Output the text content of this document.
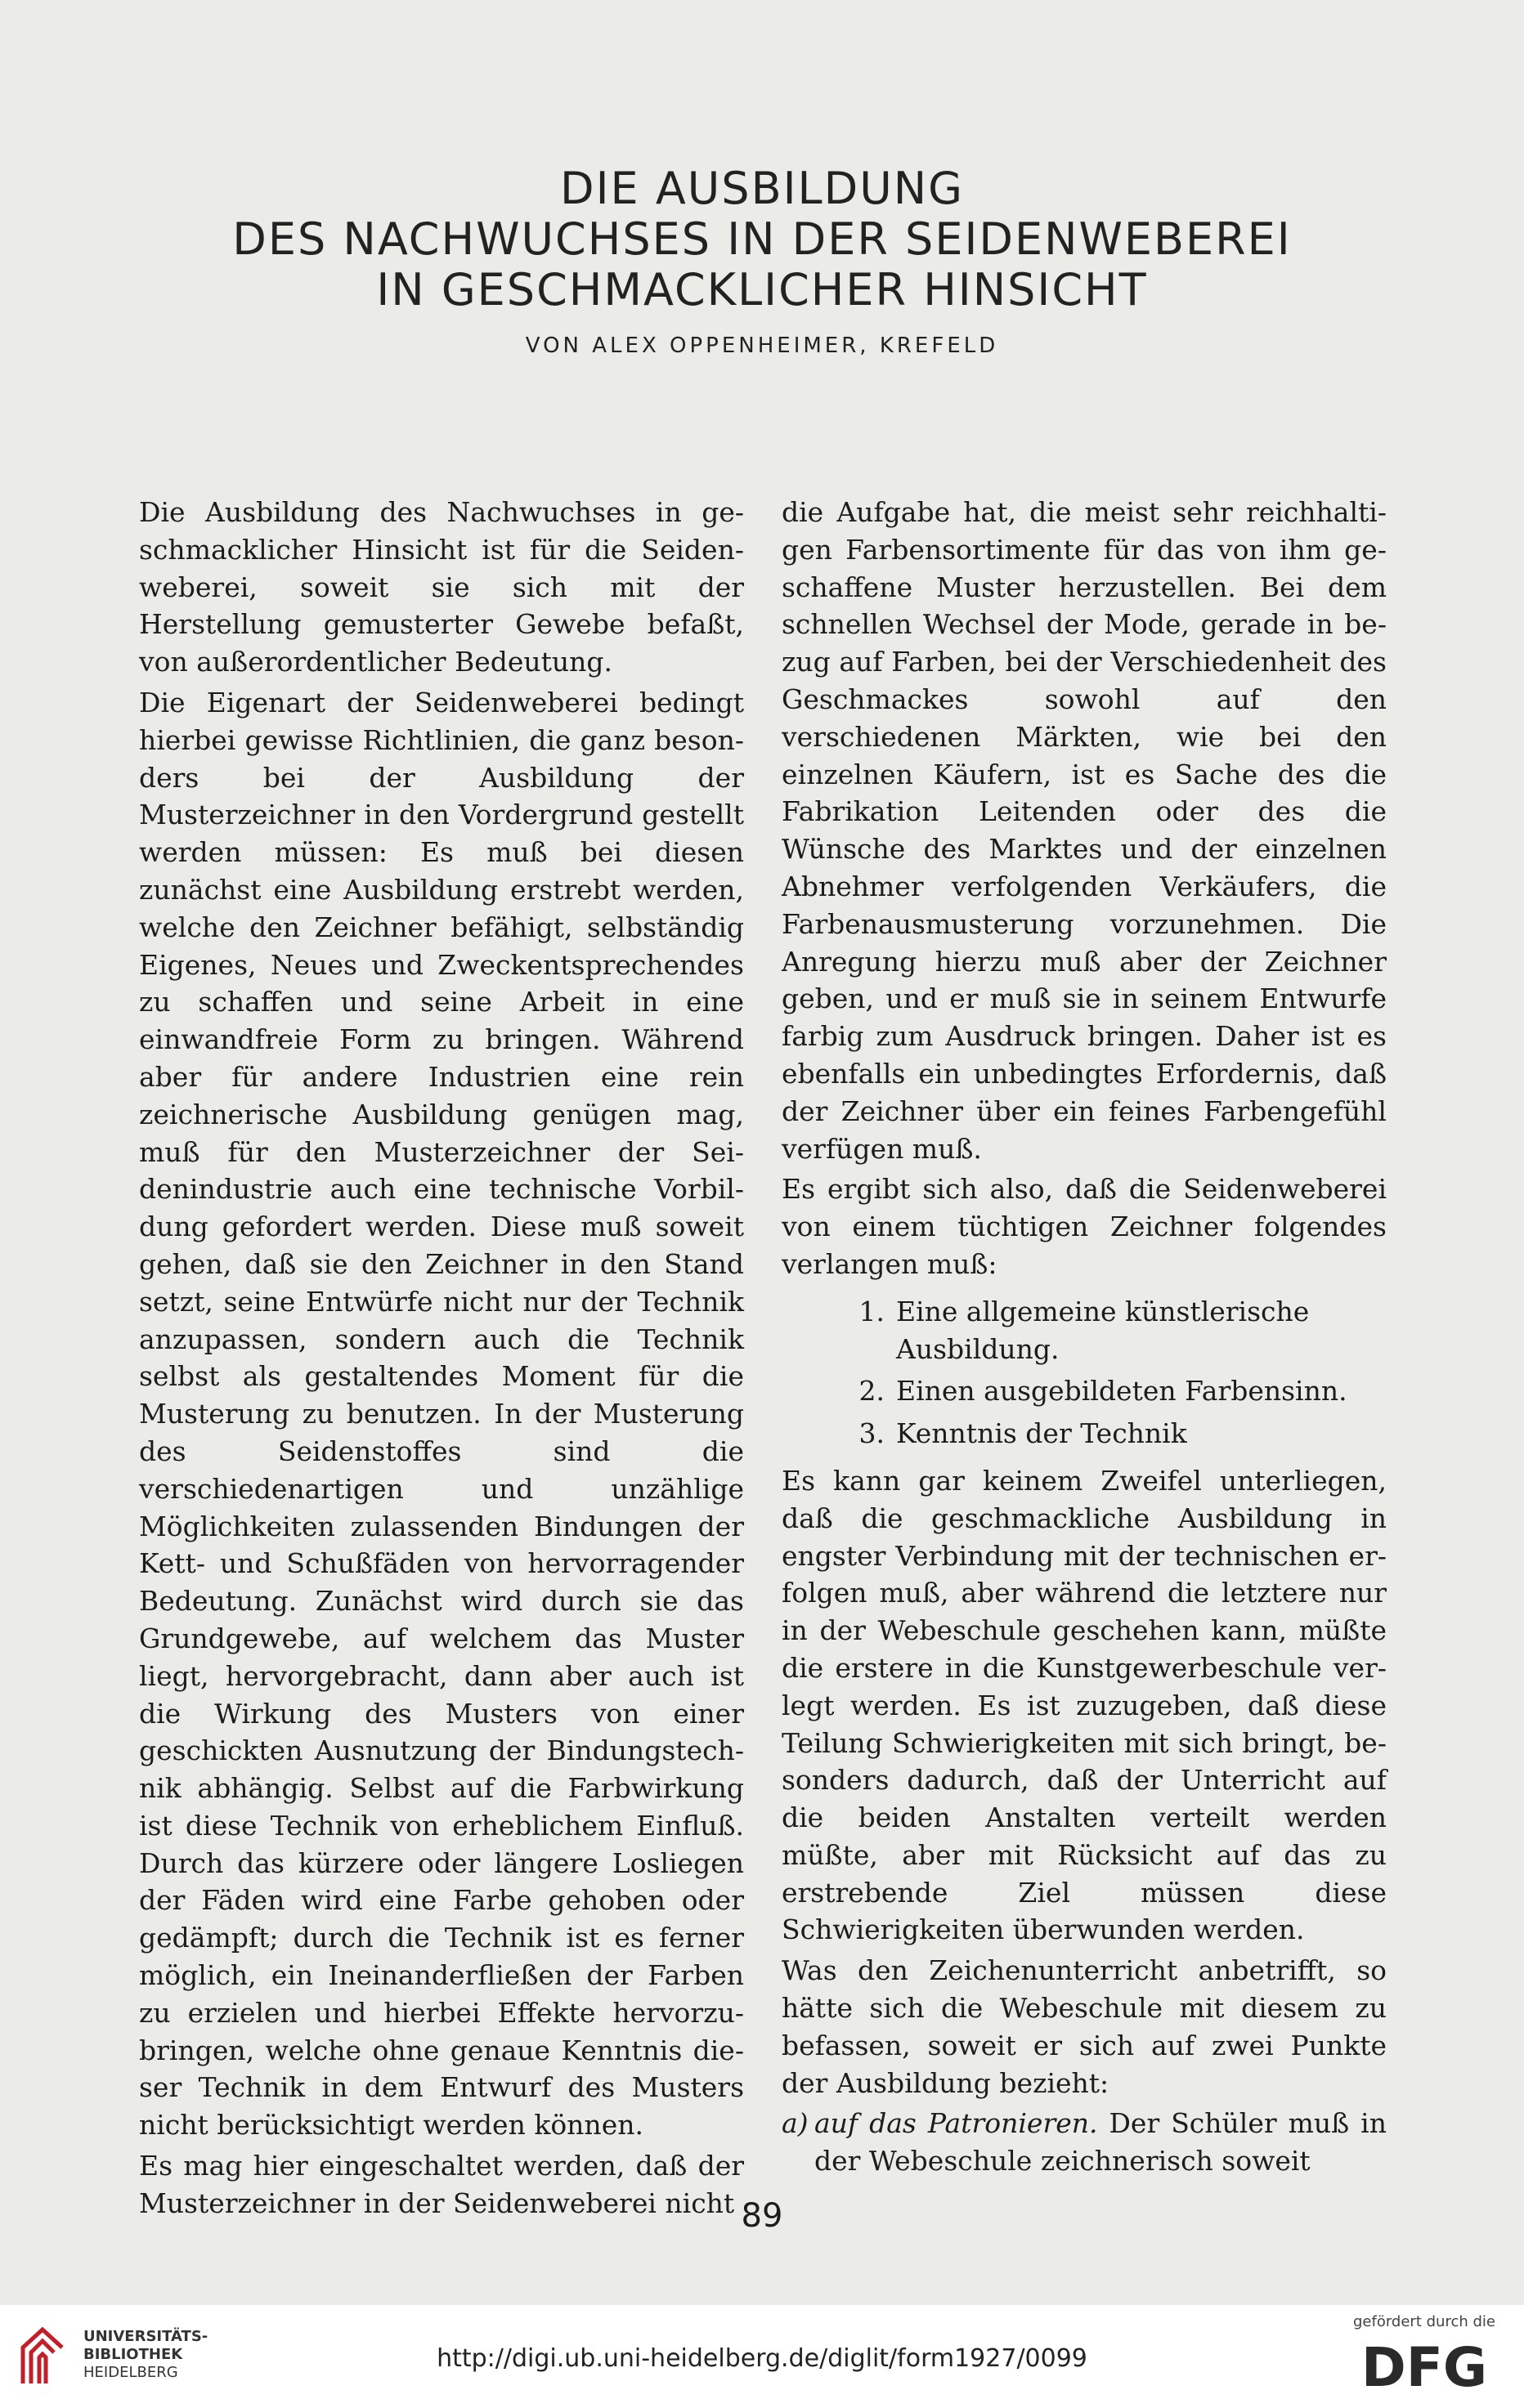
DIE AUSBILDUNG
DES NACHWUCHSES IN DER SEIDENWEBEREI
IN GESCHMACKLICHER HINSICHT
VON ALEX OPPENHEIMER, KREFELD

Die Ausbildung des Nachwuchses in geschmacklicher Hinsicht ist für die Seidenweberei, soweit sie sich mit der Herstellung gemusterter Gewebe befaßt, von außerordentlicher Bedeutung.

Die Eigenart der Seidenweberei bedingt hierbei gewisse Richtlinien, die ganz besonders bei der Ausbildung der Musterzeichner in den Vordergrund gestellt werden müssen: Es muß bei diesen zunächst eine Ausbildung erstrebt werden, welche den Zeichner befähigt, selbständig Eigenes, Neues und Zweckentsprechendes zu schaffen und seine Arbeit in eine einwandfreie Form zu bringen. Während aber für andere Industrien eine rein zeichnerische Ausbildung genügen mag, muß für den Musterzeichner der Seidenindustrie auch eine technische Vorbildung gefordert werden. Diese muß soweit gehen, daß sie den Zeichner in den Stand setzt, seine Entwürfe nicht nur der Technik anzupassen, sondern auch die Technik selbst als gestaltendes Moment für die Musterung zu benutzen. In der Musterung des Seidenstoffes sind die verschiedenartigen und unzählige Möglichkeiten zulassenden Bindungen der Kett- und Schußfäden von hervorragender Bedeutung. Zunächst wird durch sie das Grundgewebe, auf welchem das Muster liegt, hervorgebracht, dann aber auch ist die Wirkung des Musters von einer geschickten Ausnutzung der Bindungstechnik abhängig. Selbst auf die Farbwirkung ist diese Technik von erheblichem Einfluß. Durch das kürzere oder längere Losliegen der Fäden wird eine Farbe gehoben oder gedämpft; durch die Technik ist es ferner möglich, ein Ineinanderfließen der Farben zu erzielen und hierbei Effekte hervorzubringen, welche ohne genaue Kenntnis dieser Technik in dem Entwurf des Musters nicht berücksichtigt werden können.

Es mag hier eingeschaltet werden, daß der Musterzeichner in der Seidenweberei nicht

die Aufgabe hat, die meist sehr reichhaltigen Farbensortimente für das von ihm geschaffene Muster herzustellen. Bei dem schnellen Wechsel der Mode, gerade in bezug auf Farben, bei der Verschiedenheit des Geschmackes sowohl auf den verschiedenen Märkten, wie bei den einzelnen Käufern, ist es Sache des die Fabrikation Leitenden oder des die Wünsche des Marktes und der einzelnen Abnehmer verfolgenden Verkäufers, die Farbenausmusterung vorzunehmen. Die Anregung hierzu muß aber der Zeichner geben, und er muß sie in seinem Entwurfe farbig zum Ausdruck bringen. Daher ist es ebenfalls ein unbedingtes Erfordernis, daß der Zeichner über ein feines Farbengefühl verfügen muß.

Es ergibt sich also, daß die Seidenweberei von einem tüchtigen Zeichner folgendes verlangen muß:

1. Eine allgemeine künstlerische Ausbildung.
2. Einen ausgebildeten Farbensinn.
3. Kenntnis der Technik

Es kann gar keinem Zweifel unterliegen, daß die geschmackliche Ausbildung in engster Verbindung mit der technischen erfolgen muß, aber während die letztere nur in der Webeschule geschehen kann, müßte die erstere in die Kunstgewerbeschule verlegt werden. Es ist zuzugeben, daß diese Teilung Schwierigkeiten mit sich bringt, besonders dadurch, daß der Unterricht auf die beiden Anstalten verteilt werden müßte, aber mit Rücksicht auf das zu erstrebende Ziel müssen diese Schwierigkeiten überwunden werden.

Was den Zeichenunterricht anbetrifft, so hätte sich die Webeschule mit diesem zu befassen, soweit er sich auf zwei Punkte der Ausbildung bezieht:

a) auf das Patronieren. Der Schüler muß in der Webeschule zeichnerisch soweit
89
UNIVERSITÄTS-
BIBLIOTHEK
HEIDELBERG	http://digi.ub.uni-heidelberg.de/diglit/form1927/0099
gefördert durch die
DFG
